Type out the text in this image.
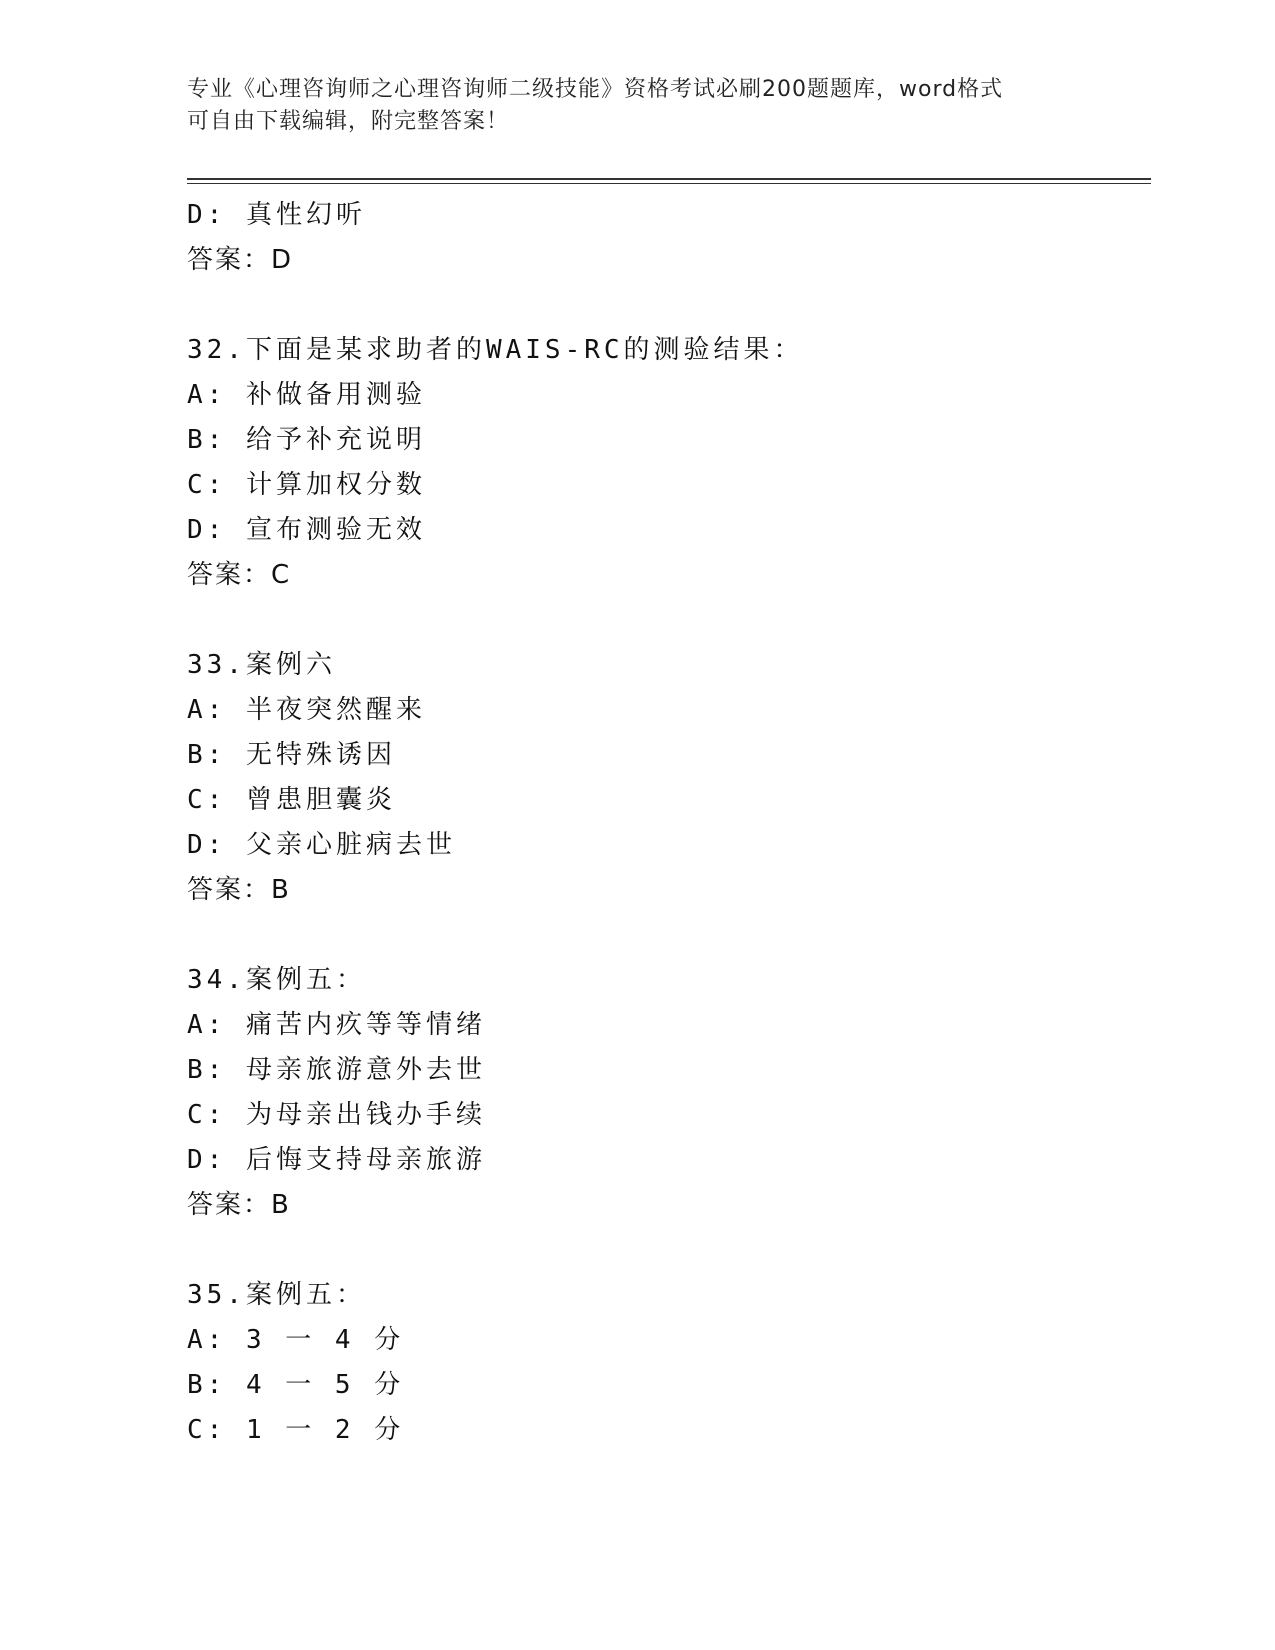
专业《心理咨询师之心理咨询师二级技能》资格考试必刷200题题库，word格式
可自由下载编辑，附完整答案！
D: 真性幻听
答案：D
32.下面是某求助者的WAIS-RC的测验结果：
A: 补做备用测验
B: 给予补充说明
C: 计算加权分数
D: 宣布测验无效
答案：C
33.案例六
A: 半夜突然醒来
B: 无特殊诱因
C: 曾患胆囊炎
D: 父亲心脏病去世
答案：B
34.案例五：
A: 痛苦内疚等等情绪
B: 母亲旅游意外去世
C: 为母亲出钱办手续
D: 后悔支持母亲旅游
答案：B
35.案例五：
A: 3 一 4 分
B: 4 一 5 分
C: 1 一 2 分
